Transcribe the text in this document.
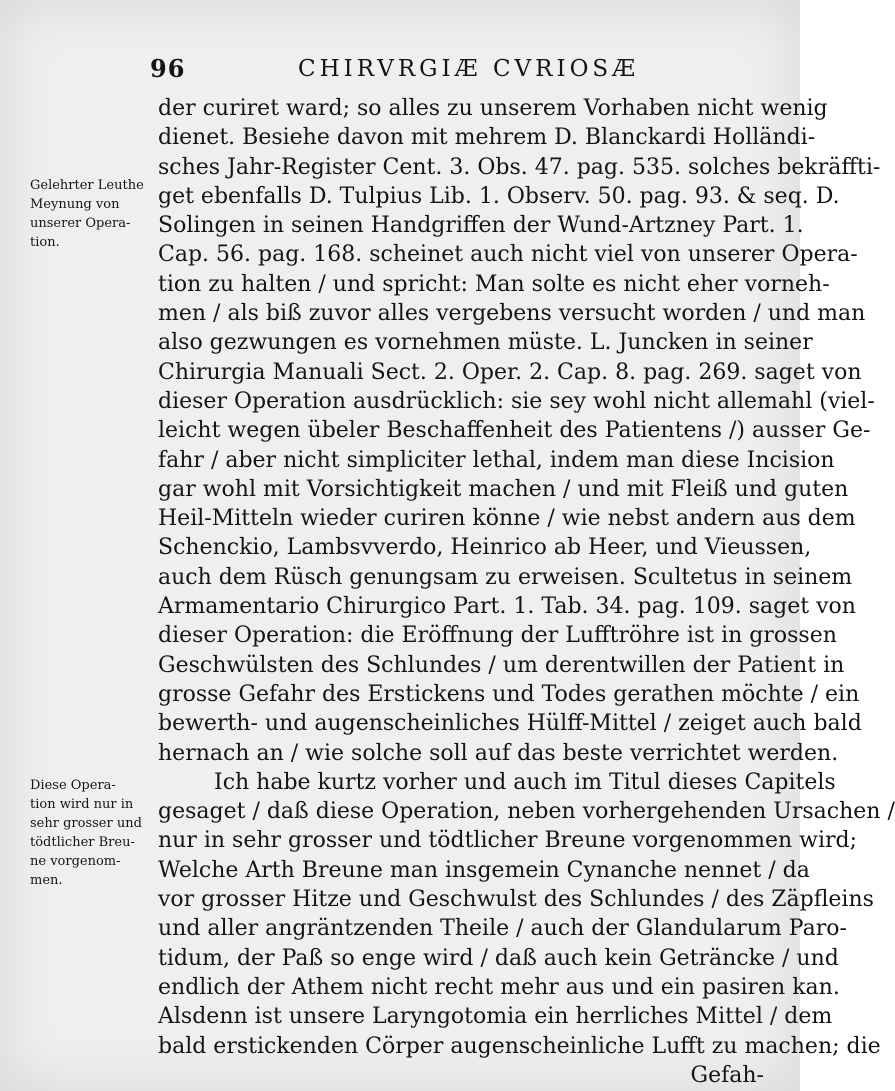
96	CHIRVRGIÆ CVRIOSÆ
Gelehrter Leuthe
Meynung von
unserer Opera-
tion.
Diese Opera-
tion wird nur in
sehr grosser und
tödtlicher Breu-
ne vorgenom-
men.
der curiret ward; so alles zu unserem Vorhaben nicht wenig
dienet. Besiehe davon mit mehrem D. Blanckardi Holländi-
sches Jahr-Register Cent. 3. Obs. 47. pag. 535. solches bekräffti-
get ebenfalls D. Tulpius Lib. 1. Observ. 50. pag. 93. & seq. D.
Solingen in seinen Handgriffen der Wund-Artzney Part. 1.
Cap. 56. pag. 168. scheinet auch nicht viel von unserer Opera-
tion zu halten / und spricht: Man solte es nicht eher vorneh-
men / als biß zuvor alles vergebens versucht worden / und man
also gezwungen es vornehmen müste. L. Juncken in seiner
Chirurgia Manuali Sect. 2. Oper. 2. Cap. 8. pag. 269. saget von
dieser Operation ausdrücklich: sie sey wohl nicht allemahl (viel-
leicht wegen übeler Beschaffenheit des Patientens /) ausser Ge-
fahr / aber nicht simpliciter lethal, indem man diese Incision
gar wohl mit Vorsichtigkeit machen / und mit Fleiß und guten
Heil-Mitteln wieder curiren könne / wie nebst andern aus dem
Schenckio, Lambsvverdo, Heinrico ab Heer, und Vieussen,
auch dem Rüsch genungsam zu erweisen. Scultetus in seinem
Armamentario Chirurgico Part. 1. Tab. 34. pag. 109. saget von
dieser Operation: die Eröffnung der Lufftröhre ist in grossen
Geschwülsten des Schlundes / um derentwillen der Patient in
grosse Gefahr des Erstickens und Todes gerathen möchte / ein
bewerth- und augenscheinliches Hülff-Mittel / zeiget auch bald
hernach an / wie solche soll auf das beste verrichtet werden.
Ich habe kurtz vorher und auch im Titul dieses Capitels
gesaget / daß diese Operation, neben vorhergehenden Ursachen /
nur in sehr grosser und tödtlicher Breune vorgenommen wird;
Welche Arth Breune man insgemein Cynanche nennet / da
vor grosser Hitze und Geschwulst des Schlundes / des Zäpfleins
und aller angräntzenden Theile / auch der Glandularum Paro-
tidum, der Paß so enge wird / daß auch kein Geträncke / und
endlich der Athem nicht recht mehr aus und ein pasiren kan.
Alsdenn ist unsere Laryngotomia ein herrliches Mittel / dem
bald erstickenden Cörper augenscheinliche Lufft zu machen; die
Gefah-
